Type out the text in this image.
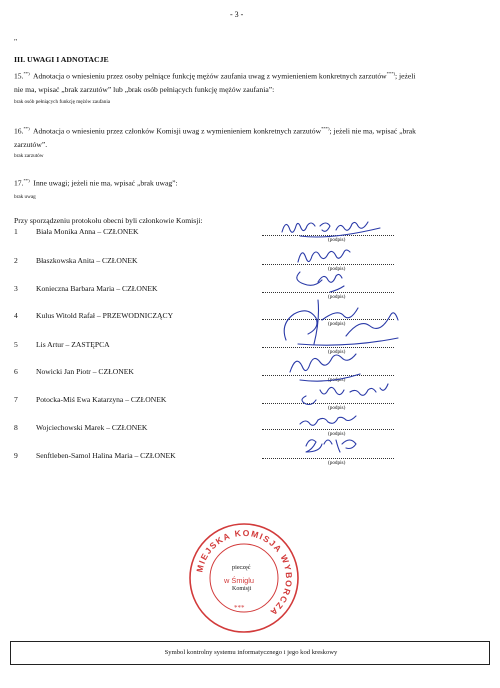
- 3 -
"
III. UWAGI I ADNOTACJE
15.**) Adnotacja o wniesieniu przez osoby pełniące funkcję mężów zaufania uwag z wymienieniem konkretnych zarzutów***); jeżeli
nie ma, wpisać „brak zarzutów” lub „brak osób pełniących funkcję mężów zaufania”:
brak osób pełniących funkcję mężów zaufania
16.**) Adnotacja o wniesieniu przez członków Komisji uwag z wymienieniem konkretnych zarzutów***); jeżeli nie ma, wpisać „brak
zarzutów”.
brak zarzutów
17.**) Inne uwagi; jeżeli nie ma, wpisać „brak uwag”:
brak uwag
Przy sporządzeniu protokołu obecni byli członkowie Komisji:
1 Biała Monika Anna – CZŁONEK
(podpis)
2 Błaszkowska Anita – CZŁONEK
(podpis)
3 Konieczna Barbara Maria – CZŁONEK
(podpis)
4 Kulus Witold Rafał – PRZEWODNICZĄCY
(podpis)
5 Lis Artur – ZASTĘPCA
(podpis)
6 Nowicki Jan Piotr – CZŁONEK
(podpis)
7 Potocka-Miś Ewa Katarzyna – CZŁONEK
(podpis)
8 Wojciechowski Marek – CZŁONEK
(podpis)
9 Senftleben-Samol Halina Maria – CZŁONEK
(podpis)
MIEJSKA KOMISJA WYBORCZA
pieczęć
w Śmiglu
Komisji
***
Symbol kontrolny systemu informatycznego i jego kod kreskowy
